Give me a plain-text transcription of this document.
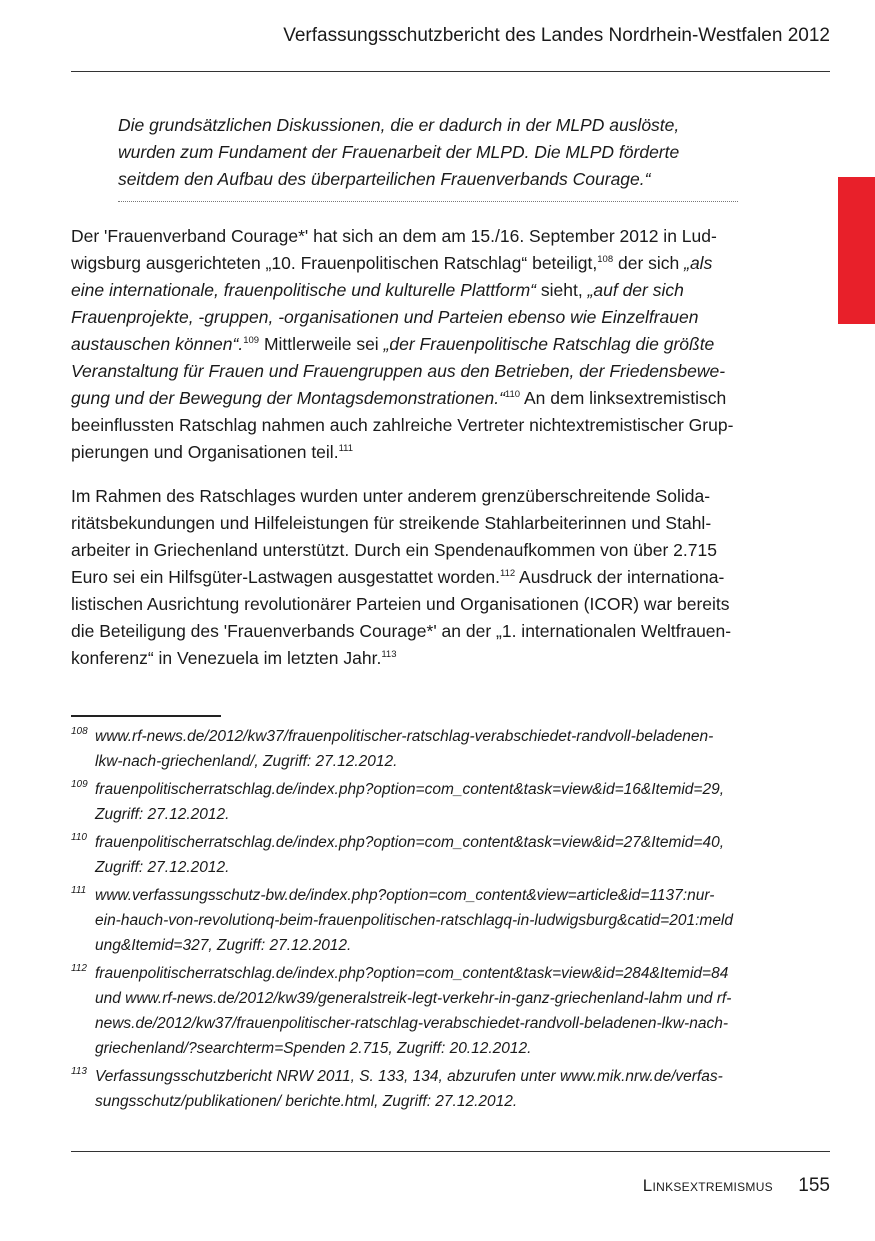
Verfassungsschutzbericht des Landes Nordrhein-Westfalen 2012

Die grundsätzlichen Diskussionen, die er dadurch in der MLPD auslöste,
wurden zum Fundament der Frauenarbeit der MLPD. Die MLPD förderte
seitdem den Aufbau des überparteilichen Frauenverbands Courage.“

Der 'Frauenverband Courage*' hat sich an dem am 15./16. September 2012 in Lud-
wigsburg ausgerichteten „10. Frauenpolitischen Ratschlag“ beteiligt,$^{108}$ der sich „als
eine internationale, frauenpolitische und kulturelle Plattform“ sieht, „auf der sich
Frauenprojekte, -gruppen, -organisationen und Parteien ebenso wie Einzelfrauen
austauschen können“.$^{109}$ Mittlerweile sei „der Frauenpolitische Ratschlag die größte
Veranstaltung für Frauen und Frauengruppen aus den Betrieben, der Friedensbewe-
gung und der Bewegung der Montagsdemonstrationen.“$^{110}$ An dem linksextremistisch
beeinflussten Ratschlag nahmen auch zahlreiche Vertreter nichtextremistischer Grup-
pierungen und Organisationen teil.$^{111}$

Im Rahmen des Ratschlages wurden unter anderem grenzüberschreitende Solida-
ritätsbekundungen und Hilfeleistungen für streikende Stahlarbeiterinnen und Stahl-
arbeiter in Griechenland unterstützt. Durch ein Spendenaufkommen von über 2.715
Euro sei ein Hilfsgüter-Lastwagen ausgestattet worden.$^{112}$ Ausdruck der internationa-
listischen Ausrichtung revolutionärer Parteien und Organisationen (ICOR) war bereits
die Beteiligung des 'Frauenverbands Courage*' an der „1. internationalen Weltfrauen-
konferenz“ in Venezuela im letzten Jahr.$^{113}$

108 www.rf-news.de/2012/kw37/frauenpolitischer-ratschlag-verabschiedet-randvoll-beladenen-
lkw-nach-griechenland/, Zugriff: 27.12.2012.
109 frauenpolitischerratschlag.de/index.php?option=com_content&task=view&id=16&Itemid=29,
Zugriff: 27.12.2012.
110 frauenpolitischerratschlag.de/index.php?option=com_content&task=view&id=27&Itemid=40,
Zugriff: 27.12.2012.
111 www.verfassungsschutz-bw.de/index.php?option=com_content&view=article&id=1137:nur-
ein-hauch-von-revolutionq-beim-frauenpolitischen-ratschlagq-in-ludwigsburg&catid=201:meld
ung&Itemid=327, Zugriff: 27.12.2012.
112 frauenpolitischerratschlag.de/index.php?option=com_content&task=view&id=284&Itemid=84
und www.rf-news.de/2012/kw39/generalstreik-legt-verkehr-in-ganz-griechenland-lahm und rf-
news.de/2012/kw37/frauenpolitischer-ratschlag-verabschiedet-randvoll-beladenen-lkw-nach-
griechenland/?searchterm=Spenden 2.715, Zugriff: 20.12.2012.
113 Verfassungsschutzbericht NRW 2011, S. 133, 134, abzurufen unter www.mik.nrw.de/verfas-
sungsschutz/publikationen/ berichte.html, Zugriff: 27.12.2012.
Linksextremismus 155
